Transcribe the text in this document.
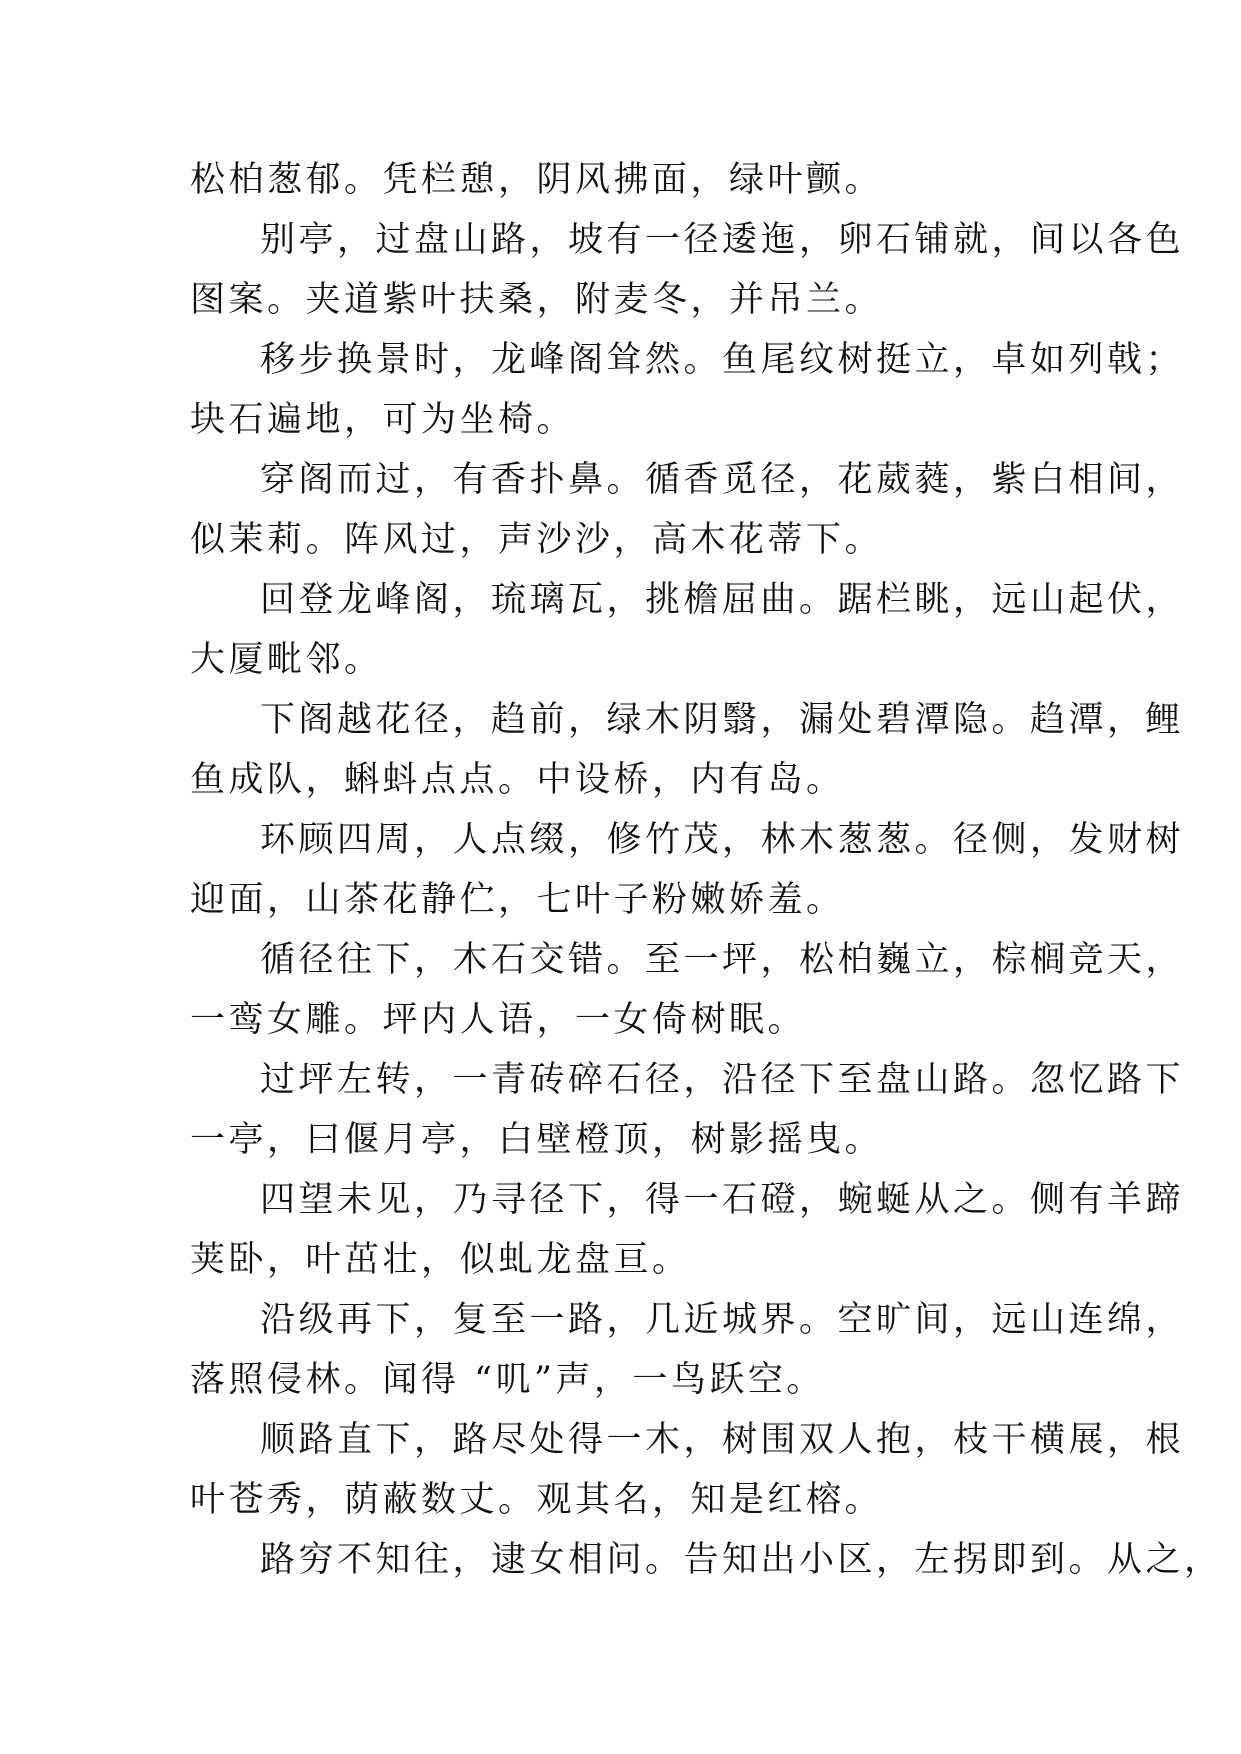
松柏葱郁。凭栏憩，阴风拂面，绿叶颤。
别亭，过盘山路，坡有一径逶迤，卵石铺就，间以各色
图案。夹道紫叶扶桑，附麦冬，并吊兰。
移步换景时，龙峰阁耸然。鱼尾纹树挺立，卓如列戟；
块石遍地，可为坐椅。
穿阁而过，有香扑鼻。循香觅径，花葳蕤，紫白相间，
似茉莉。阵风过，声沙沙，高木花蒂下。
回登龙峰阁，琉璃瓦，挑檐屈曲。踞栏眺，远山起伏，
大厦毗邻。
下阁越花径，趋前，绿木阴翳，漏处碧潭隐。趋潭，鲤
鱼成队，蝌蚪点点。中设桥，内有岛。
环顾四周，人点缀，修竹茂，林木葱葱。径侧，发财树
迎面，山茶花静伫，七叶子粉嫩娇羞。
循径往下，木石交错。至一坪，松柏巍立，棕榈竞天，
一鸾女雕。坪内人语，一女倚树眠。
过坪左转，一青砖碎石径，沿径下至盘山路。忽忆路下
一亭，曰偃月亭，白壁橙顶，树影摇曳。
四望未见，乃寻径下，得一石磴，蜿蜒从之。侧有羊蹄
荚卧，叶茁壮，似虬龙盘亘。
沿级再下，复至一路，几近城界。空旷间，远山连绵，
落照侵林。闻得 “叽”声，一鸟跃空。
顺路直下，路尽处得一木，树围双人抱，枝干横展，根
叶苍秀，荫蔽数丈。观其名，知是红榕。
路穷不知往，逮女相问。告知出小区，左拐即到。从之，
